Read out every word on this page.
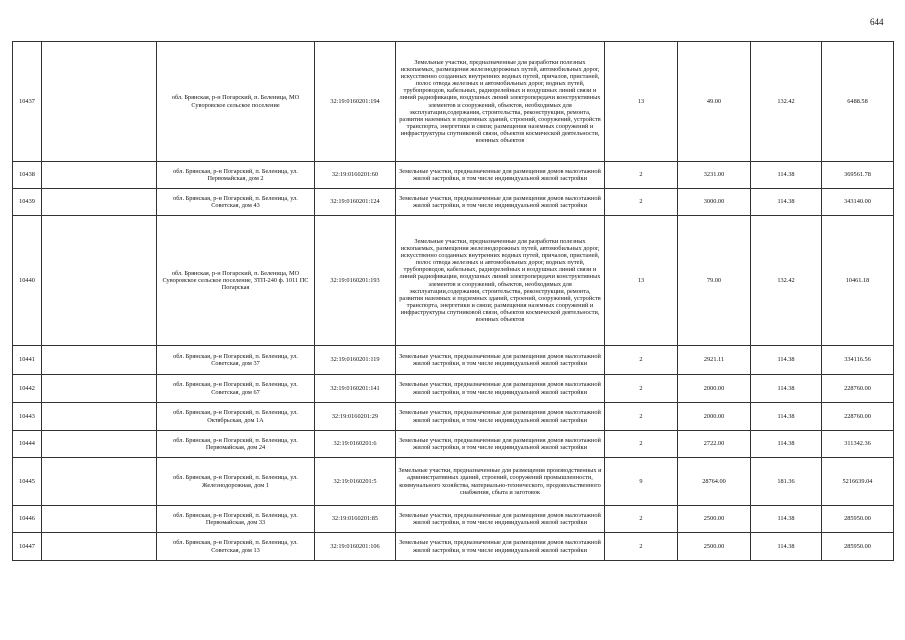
644
10437		обл. Брянская, р-н Погарский, п. Беленица, МО Суворовское сельское поселение	32:19:0160201:194	Земельные участки, предназначенные для разработки полезных ископаемых, размещения железнодорожных путей, автомобильных дорог, искусственно созданных внутренних водных путей, причалов, пристаней, полос отвода железных и автомобильных дорог, водных путей, трубопроводов, кабельных, радиорелейных и воздушных линий связи и линий радиофикации, воздушных линий электропередачи конструктивных элементов и сооружений, объектов, необходимых для эксплуатации,содержания, строительства, реконструкции, ремонта, развития наземных и подземных зданий, строений, сооружений, устройств транспорта, энергетики и связи; размещения наземных сооружений и инфраструктуры спутниковой связи, объектов космической деятельности, военных объектов	13	49.00	132.42	6488.58
10438		обл. Брянская, р-н Погарский, п. Беленица, ул. Первомайская, дом 2	32:19:0160201:60	Земельные участки, предназначенные для размещения домов малоэтажной жилой застройки, в том числе индивидуальной жилой застройки	2	3231.00	114.38	369561.78
10439		обл. Брянская, р-н Погарский, п. Беленица, ул. Советская, дом 43	32:19:0160201:124	Земельные участки, предназначенные для размещения домов малоэтажной жилой застройки, в том числе индивидуальной жилой застройки	2	3000.00	114.38	343140.00
10440		обл. Брянская, р-н Погарский, п. Беленица, МО Суворовское сельское поселение, ЗТП-240 ф. 1011 ПС Погарская	32:19:0160201:193	Земельные участки, предназначенные для разработки полезных ископаемых, размещения железнодорожных путей, автомобильных дорог, искусственно созданных внутренних водных путей, причалов, пристаней, полос отвода железных и автомобильных дорог, водных путей, трубопроводов, кабельных, радиорелейных и воздушных линий связи и линий радиофикации, воздушных линий электропередачи конструктивных элементов и сооружений, объектов, необходимых для эксплуатации,содержания, строительства, реконструкции, ремонта, развития наземных и подземных зданий, строений, сооружений, устройств транспорта, энергетики и связи; размещения наземных сооружений и инфраструктуры спутниковой связи, объектов космической деятельности, военных объектов	13	79.00	132.42	10461.18
10441		обл. Брянская, р-н Погарский, п. Беленица, ул. Советская, дом 37	32:19:0160201:119	Земельные участки, предназначенные для размещения домов малоэтажной жилой застройки, в том числе индивидуальной жилой застройки	2	2921.11	114.38	334116.56
10442		обл. Брянская, р-н Погарский, п. Беленица, ул. Советская, дом 67	32:19:0160201:141	Земельные участки, предназначенные для размещения домов малоэтажной жилой застройки, в том числе индивидуальной жилой застройки	2	2000.00	114.38	228760.00
10443		обл. Брянская, р-н Погарский, п. Беленица, ул. Октябрьская, дом 1А	32:19:0160201:29	Земельные участки, предназначенные для размещения домов малоэтажной жилой застройки, в том числе индивидуальной жилой застройки	2	2000.00	114.38	228760.00
10444		обл. Брянская, р-н Погарский, п. Беленица, ул. Первомайская, дом 24	32:19:0160201:6	Земельные участки, предназначенные для размещения домов малоэтажной жилой застройки, в том числе индивидуальной жилой застройки	2	2722.00	114.38	311342.36
10445		обл. Брянская, р-н Погарский, п. Беленица, ул. Железнодорожная, дом 1	32:19:0160201:5	Земельные участки, предназначенные для размещения производственных и административных зданий, строений, сооружений промышленности, коммунального хозяйства, материально-технического, продовольственного снабжения, сбыта и заготовок	9	28764.00	181.36	5216639.04
10446		обл. Брянская, р-н Погарский, п. Беленица, ул. Первомайская, дом 33	32:19:0160201:85	Земельные участки, предназначенные для размещения домов малоэтажной жилой застройки, в том числе индивидуальной жилой застройки	2	2500.00	114.38	285950.00
10447		обл. Брянская, р-н Погарский, п. Беленица, ул. Советская, дом 13	32:19:0160201:106	Земельные участки, предназначенные для размещения домов малоэтажной жилой застройки, в том числе индивидуальной жилой застройки	2	2500.00	114.38	285950.00
